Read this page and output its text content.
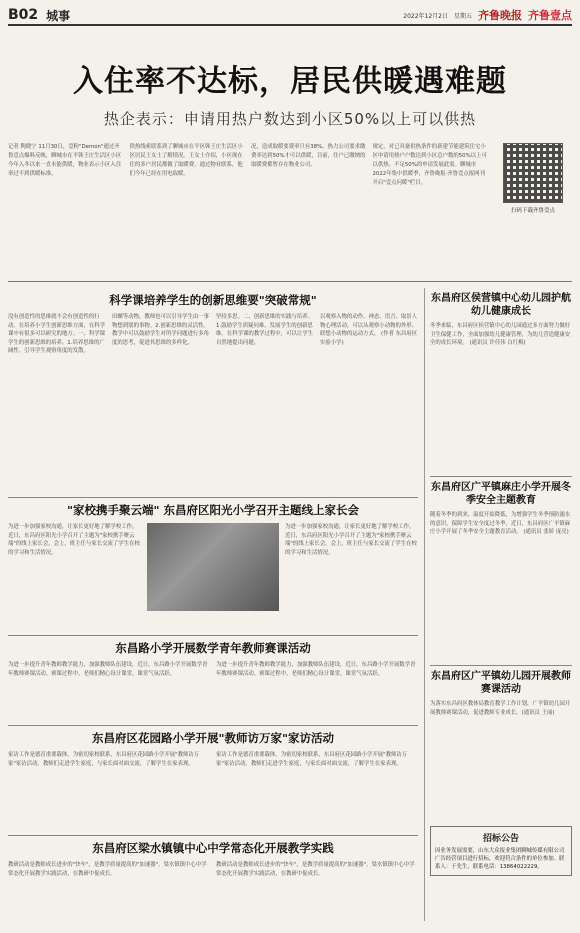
B02 城事	2022年12月2日 星期五 齐鲁晚报 齐鲁壹点
入住率不达标，居民供暖遇难题
热企表示：申请用热户数达到小区50%以上可以供热
记者 陶晓宁 11月30日，壹粉"Demon"通过齐鲁壹点爆料反映，聊城市在平韩王庄生活区小区今年入冬以来一直未能供暖，物业表示小区入住率过不到供暖标准。
供热线索联系到了聊城市在平区韩王庄生活区小区居民王女士了解情况。王女士介绍，小区现在住的多户居民都做了取暖费，通过物业联系，他们今年已经在用电取暖。
况，造成取暖要费率只有38%。热力公司要求缴费率达到50%才可以供暖，目前，住户已缴纳的取暖费都暂存在物业公司。
规定，对已具备供热条件的新建节能建筑住宅小区申请用热户户数达到小区总户数的50%以上可以供热。不足50%的申请发展此需。聊城市2022年集中供暖季，齐鲁晚报·齐鲁壹点报网刊开启"壹点问暖"栏目。
扫码下载齐鲁壹点
科学课培养学生的创新思维要"突破常规"
没有创造性的思维就不会有创造性的行动。在培养小学生创新思维方面，在科学课中有很多可以研究的地方。一、科学课学生的创新思维的培养。1.培养思维的广阔性。引导学生观察角度的发散。
田螺等动物，教师也可以引导学生由一事物想到别的事物。2.创新思维的灵活性。教学中可以鼓励学生对所学问题进行多角度的思考，促进其思维的多样化。
坚持多思。二、创新思维的实践与培养。1.鼓励学生质疑问难，发展学生的创新思维。在科学课的教学过程中，可以让学生自然地提出问题。
以观察入物的动作、神态、语言、取景人物心理活动。可以从观察小动物的外形、联想小动物的运动方式。 (作者 东昌府区实验小学)
"家校携手聚云端" 东昌府区阳光小学召开主题线上家长会
为进一步加强家校沟通，让家长更好地了解学校工作，近日，东昌府区阳光小学召开了主题为"家校携手聚云端"的线上家长会。会上，班主任与家长交流了学生在校的学习和生活情况。
为进一步加强家校沟通，让家长更好地了解学校工作，近日，东昌府区阳光小学召开了主题为"家校携手聚云端"的线上家长会。会上，班主任与家长交流了学生在校的学习和生活情况。
东昌路小学开展数学青年教师赛课活动
为进一步提升青年教师教学能力，加强教师队伍建设，近日，东昌路小学开展数学青年教师赛课活动。赛课过程中，老师们精心设计课堂，课堂气氛活跃。
为进一步提升青年教师教学能力，加强教师队伍建设，近日，东昌路小学开展数学青年教师赛课活动。赛课过程中，老师们精心设计课堂，课堂气氛活跃。
东昌府区花园路小学开展"教师访万家"家访活动
家访工作是德育重要载体，为密切家校联系，东昌府区花园路小学开展"教师访万家"家访活动。教师们走进学生家庭，与家长面对面交流，了解学生在家表现。
家访工作是德育重要载体，为密切家校联系，东昌府区花园路小学开展"教师访万家"家访活动。教师们走进学生家庭，与家长面对面交流，了解学生在家表现。
东昌府区梁水镇镇中心中学常态化开展教学实践
教研活动是教师成长进步的"快车"，是教学质量提高的"加速器"。梁水镇镇中心中学常态化开展教学实践活动，在教研中促成长。
教研活动是教师成长进步的"快车"，是教学质量提高的"加速器"。梁水镇镇中心中学常态化开展教学实践活动，在教研中促成长。
东昌府区侯营镇中心幼儿园护航幼儿健康成长
冬季来临，东昌府区侯营镇中心幼儿园通过多方面努力做好卫生保健工作，全面加强幼儿健康管理，为幼儿营造健康安全的成长环境。 (通讯员 许佳伟 白红梅)
东昌府区广平镇麻庄小学开展冬季安全主题教育
随着冬季的到来，温度开始降低，为增强学生冬季预防溺水的意识，保障学生安全度过冬季，近日，东昌府区广平镇麻庄小学开展了冬季安全主题教育活动。 (通讯员 张娇 庞亮)
东昌府区广平镇幼儿园开展教师赛课活动
为落实东昌府区教体局教育教学工作计划，广平镇幼儿园开展教师赛课活动，促进教师专业成长。(通讯员 王丽)
招标公告
因业务发展需要，山东大众报业集团聊城传媒有限公司广告经营项目进行招标，欢迎符合条件的单位参加。联系人：于先生，联系电话：13864022229。
